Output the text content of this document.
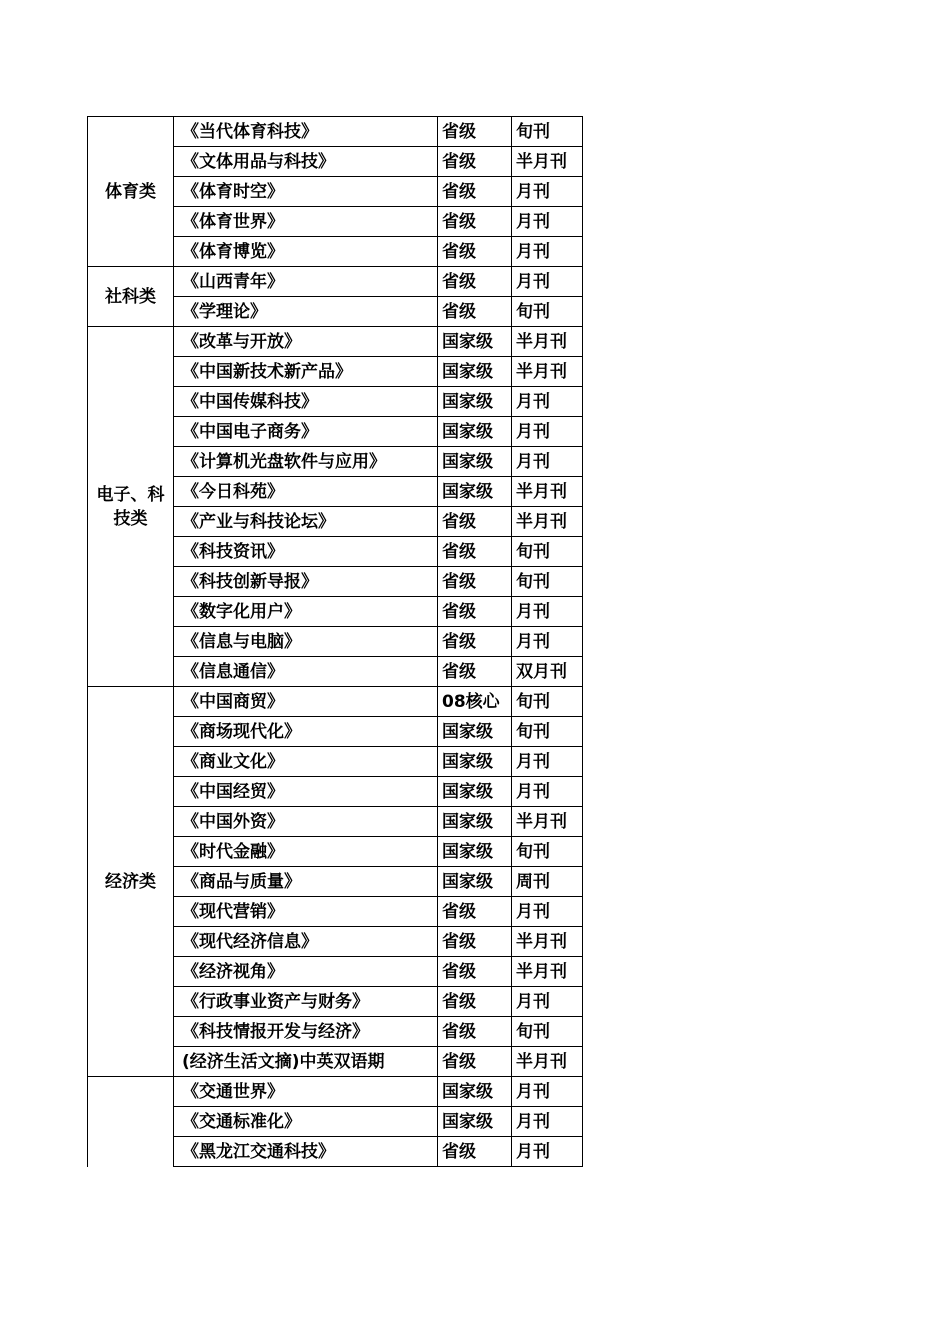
体育类	《当代体育科技》	省级	旬刊
	《文体用品与科技》	省级	半月刊
	《体育时空》	省级	月刊
	《体育世界》	省级	月刊
	《体育博览》	省级	月刊
社科类	《山西青年》	省级	月刊
	《学理论》	省级	旬刊
电子、科技类	《改革与开放》	国家级	半月刊
	《中国新技术新产品》	国家级	半月刊
	《中国传媒科技》	国家级	月刊
	《中国电子商务》	国家级	月刊
	《计算机光盘软件与应用》	国家级	月刊
	《今日科苑》	国家级	半月刊
	《产业与科技论坛》	省级	半月刊
	《科技资讯》	省级	旬刊
	《科技创新导报》	省级	旬刊
	《数字化用户》	省级	月刊
	《信息与电脑》	省级	月刊
	《信息通信》	省级	双月刊
经济类	《中国商贸》	08核心	旬刊
	《商场现代化》	国家级	旬刊
	《商业文化》	国家级	月刊
	《中国经贸》	国家级	月刊
	《中国外资》	国家级	半月刊
	《时代金融》	国家级	旬刊
	《商品与质量》	国家级	周刊
	《现代营销》	省级	月刊
	《现代经济信息》	省级	半月刊
	《经济视角》	省级	半月刊
	《行政事业资产与财务》	省级	月刊
	《科技情报开发与经济》	省级	旬刊
	(经济生活文摘)中英双语期	省级	半月刊
	《交通世界》	国家级	月刊
	《交通标准化》	国家级	月刊
	《黑龙江交通科技》	省级	月刊
